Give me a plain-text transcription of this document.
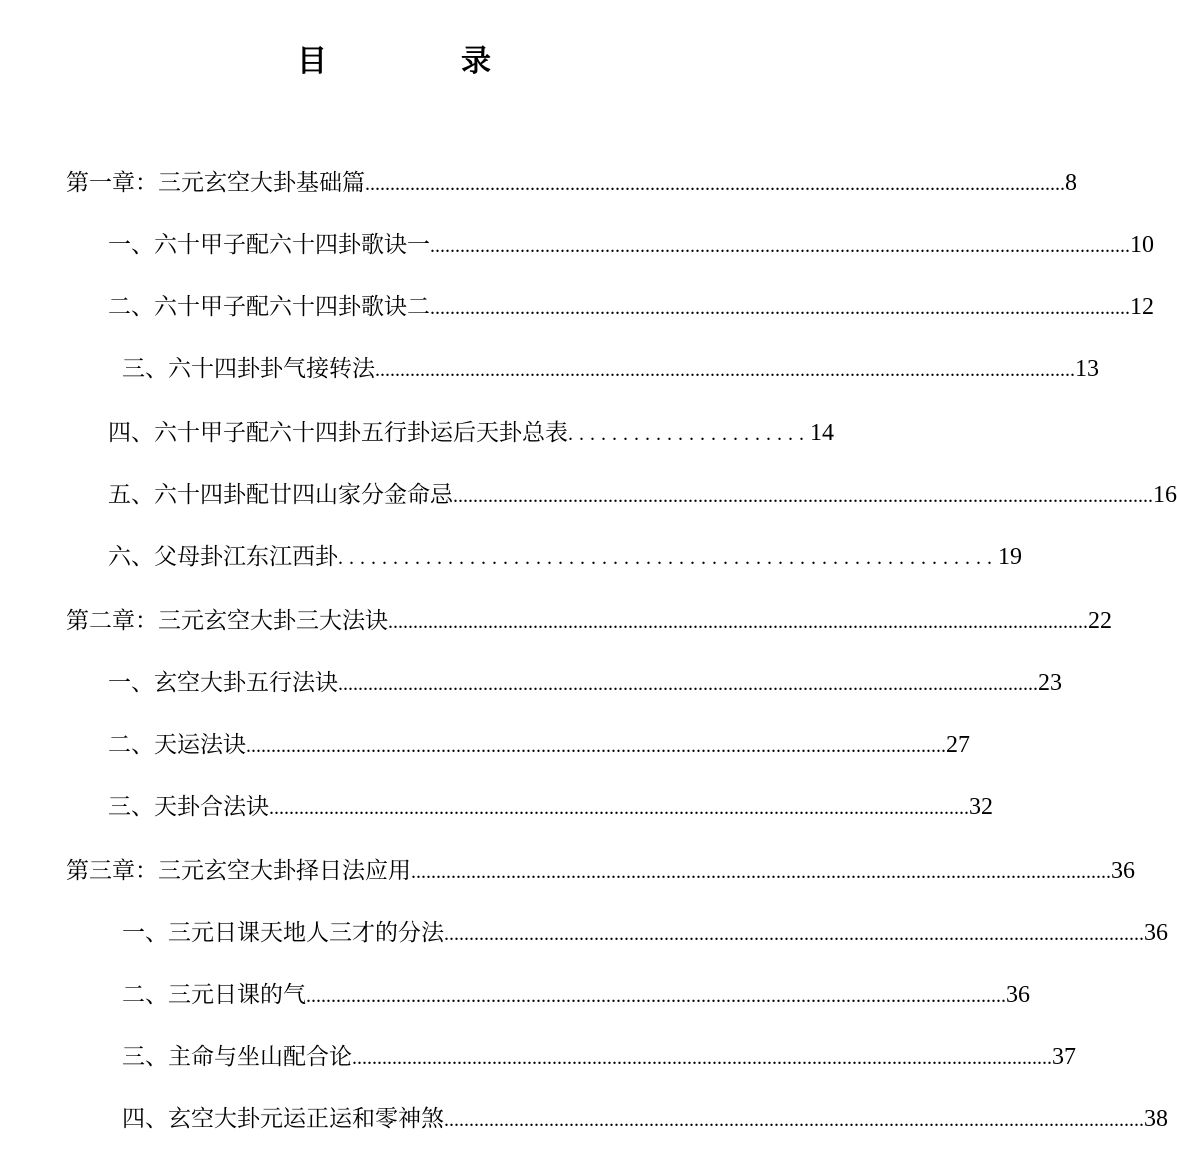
目　录
第一章：三元玄空大卦基础篇 ............................................................................................................................................ 8
一、六十甲子配六十四卦歌诀一 ............................................................................................................................................ 10
二、六十甲子配六十四卦歌诀二 ............................................................................................................................................ 12
三、六十四卦卦气接转法 ............................................................................................................................................ 13
四、六十甲子配六十四卦五行卦运后天卦总表 ...................... 14
五、六十四卦配廿四山家分金命忌 ............................................................................................................................................ 16
六、父母卦江东江西卦 ............................................................ 19
第二章：三元玄空大卦三大法诀 ............................................................................................................................................ 22
一、玄空大卦五行法诀 ............................................................................................................................................ 23
二、天运法诀 ............................................................................................................................................ 27
三、天卦合法诀 ............................................................................................................................................ 32
第三章：三元玄空大卦择日法应用 ............................................................................................................................................ 36
一、三元日课天地人三才的分法 ............................................................................................................................................ 36
二、三元日课的气 ............................................................................................................................................ 36
三、主命与坐山配合论 ............................................................................................................................................ 37
四、玄空大卦元运正运和零神煞 ............................................................................................................................................ 38
